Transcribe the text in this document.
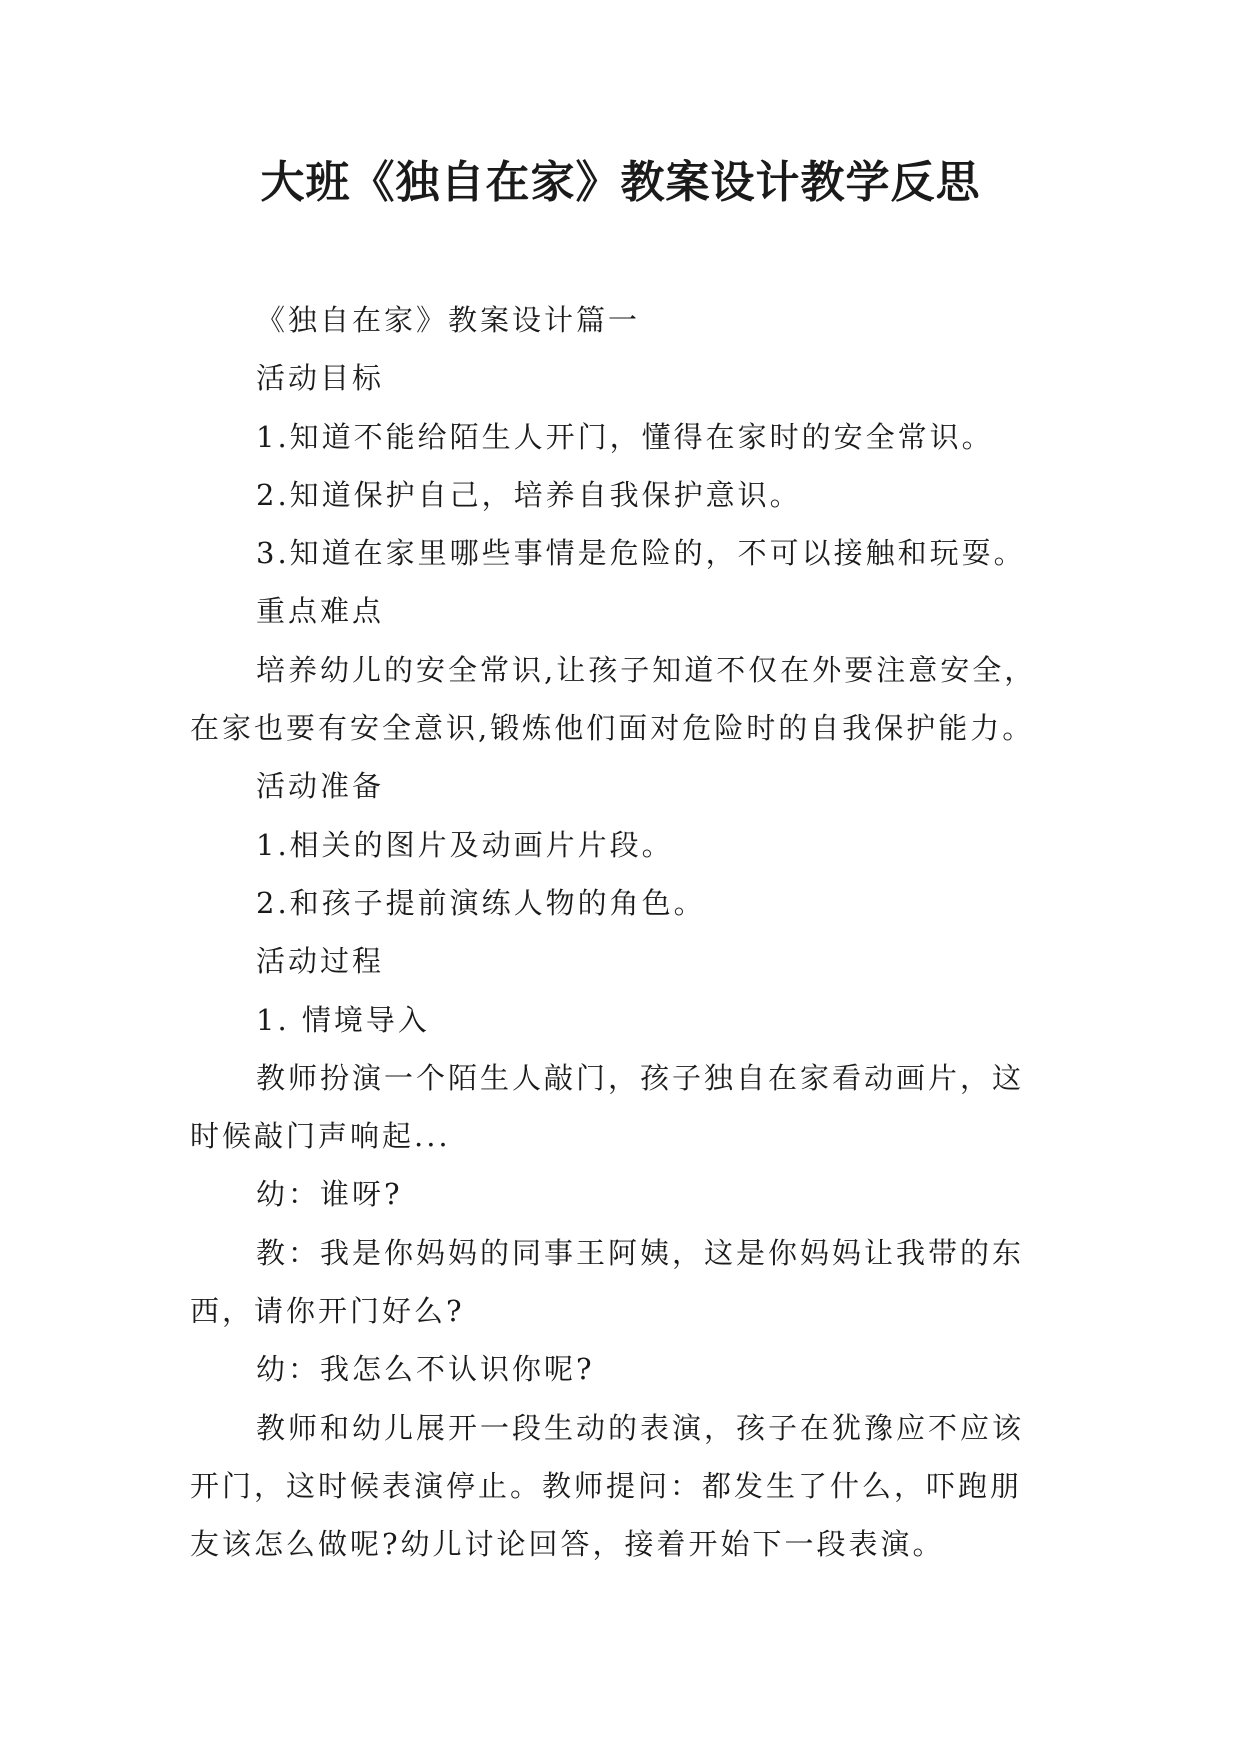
大班《独自在家》教案设计教学反思

《独自在家》教案设计篇一

活动目标

1.知道不能给陌生人开门，懂得在家时的安全常识。

2.知道保护自己，培养自我保护意识。

3.知道在家里哪些事情是危险的，不可以接触和玩耍。

重点难点

培养幼儿的安全常识,让孩子知道不仅在外要注意安全，

在家也要有安全意识,锻炼他们面对危险时的自我保护能力。

活动准备

1.相关的图片及动画片片段。

2.和孩子提前演练人物的角色。

活动过程

1. 情境导入

教师扮演一个陌生人敲门，孩子独自在家看动画片，这

时候敲门声响起...

幼：谁呀?

教：我是你妈妈的同事王阿姨，这是你妈妈让我带的东

西，请你开门好么?

幼：我怎么不认识你呢?

教师和幼儿展开一段生动的表演，孩子在犹豫应不应该

开门，这时候表演停止。教师提问：都发生了什么，吓跑朋

友该怎么做呢?幼儿讨论回答，接着开始下一段表演。
